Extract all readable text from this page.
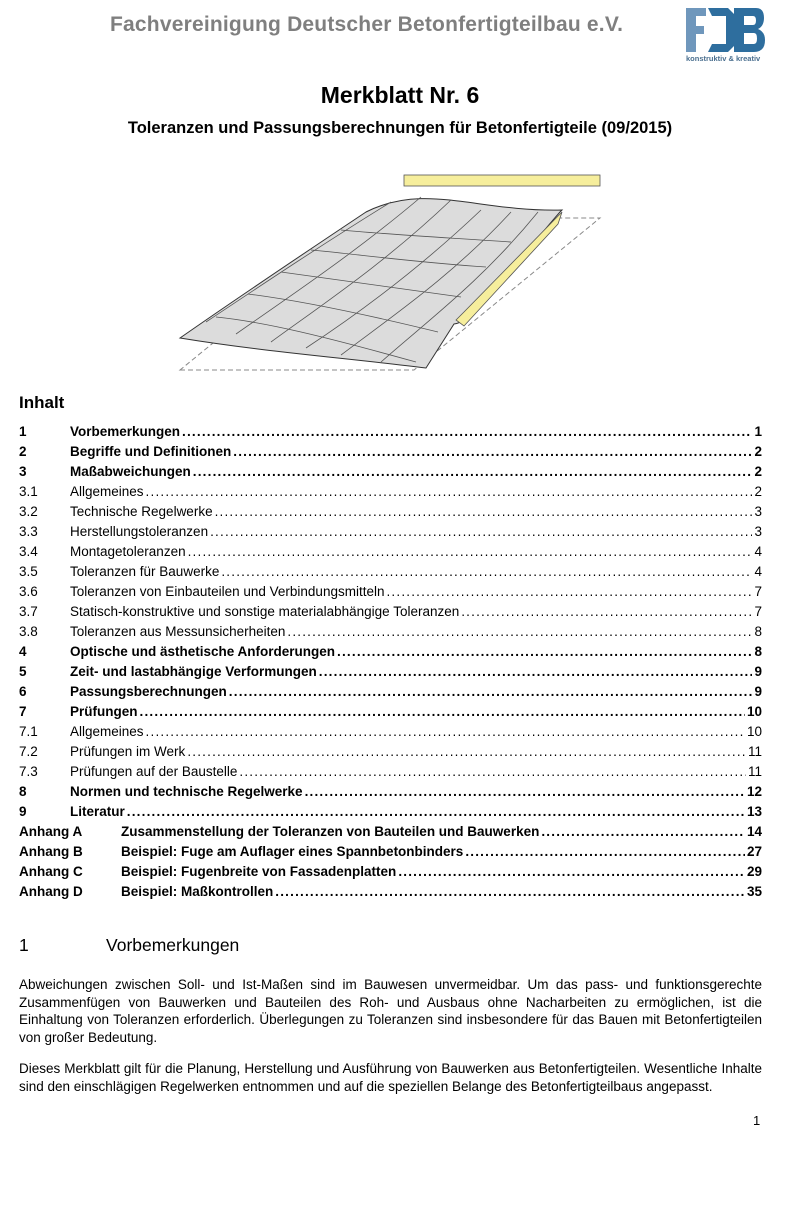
Fachvereinigung Deutscher Betonfertigteilbau e.V.
konstruktiv & kreativ
Merkblatt Nr. 6
Toleranzen und Passungsberechnungen für Betonfertigteile (09/2015)
Inhalt
1	Vorbemerkungen .....	1
2	Begriffe und Definitionen .....	2
3	Maßabweichungen .....	2
3.1	Allgemeines .....	2
3.2	Technische Regelwerke .....	3
3.3	Herstellungstoleranzen .....	3
3.4	Montagetoleranzen .....	4
3.5	Toleranzen für Bauwerke .....	4
3.6	Toleranzen von Einbauteilen und Verbindungsmitteln .....	7
3.7	Statisch-konstruktive und sonstige materialabhängige Toleranzen .....	7
3.8	Toleranzen aus Messunsicherheiten .....	8
4	Optische und ästhetische Anforderungen .....	8
5	Zeit- und lastabhängige Verformungen .....	9
6	Passungsberechnungen .....	9
7	Prüfungen .....	10
7.1	Allgemeines .....	10
7.2	Prüfungen im Werk .....	11
7.3	Prüfungen auf der Baustelle .....	11
8	Normen und technische Regelwerke .....	12
9	Literatur .....	13
Anhang A	Zusammenstellung der Toleranzen von Bauteilen und Bauwerken .....	14
Anhang B	Beispiel: Fuge am Auflager eines Spannbetonbinders .....	27
Anhang C	Beispiel: Fugenbreite von Fassadenplatten .....	29
Anhang D	Beispiel: Maßkontrollen .....	35
1	Vorbemerkungen
Abweichungen zwischen Soll- und Ist-Maßen sind im Bauwesen unvermeidbar. Um das pass- und funktionsgerechte Zusammenfügen von Bauwerken und Bauteilen des Roh- und Ausbaus ohne Nacharbeiten zu ermöglichen, ist die Einhaltung von Toleranzen erforderlich. Überlegungen zu Toleranzen sind insbesondere für das Bauen mit Betonfertigteilen von großer Bedeutung.
Dieses Merkblatt gilt für die Planung, Herstellung und Ausführung von Bauwerken aus Betonfertigteilen. Wesentliche Inhalte sind den einschlägigen Regelwerken entnommen und auf die speziellen Belange des Betonfertigteilbaus angepasst.
1
